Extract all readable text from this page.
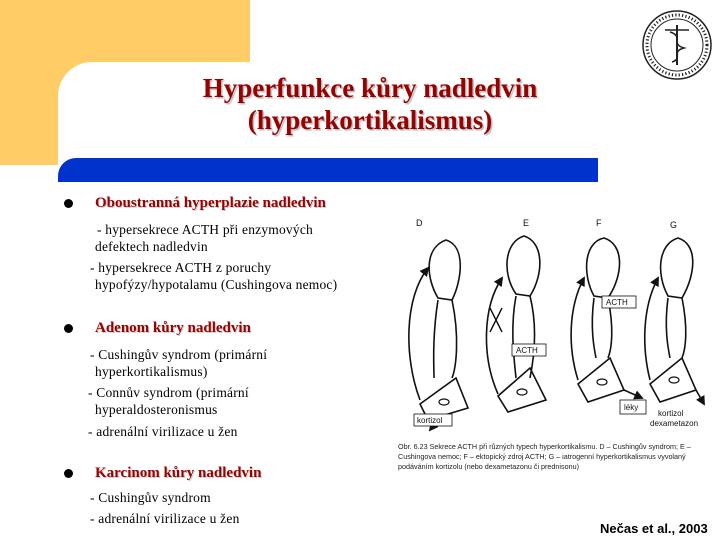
Hyperfunkce kůry nadledvin
(hyperkortikalismus)
Oboustranná hyperplazie nadledvin
- hypersekrece ACTH při enzymových
defektech nadledvin
- hypersekrece ACTH z poruchy
hypofýzy/hypotalamu (Cushingova nemoc)
Adenom kůry nadledvin
- Cushingův syndrom (primární
hyperkortikalismus)
- Connův syndrom (primární
hyperaldosteronismus
- adrenální virilizace u žen
Karcinom kůry nadledvin
- Cushingův syndrom
- adrenální virilizace u žen
D	E	F	G
ACTH
ACTH
kortizol
léky
kortizol
dexametazon
Obr. 6.23 Sekrece ACTH při různých typech hyperkortikalismu. D – Cushingův syndrom; E – Cushingova nemoc; F – ektopický zdroj ACTH; G – iatrogenní hyperkortikalismus vyvolaný podáváním kortizolu (nebo dexametazonu či prednisonu)
Nečas et al., 2003
